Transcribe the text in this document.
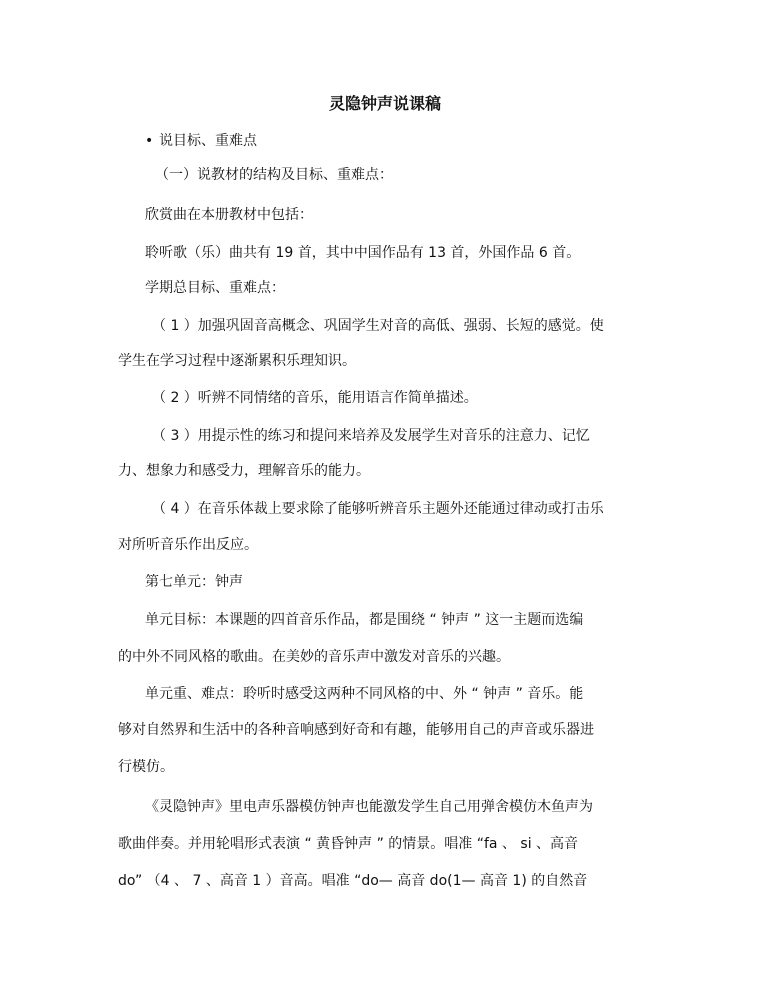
灵隐钟声说课稿
• 说目标、重难点
（一）说教材的结构及目标、重难点：
欣赏曲在本册教材中包括：
聆听歌（乐）曲共有 19 首，其中中国作品有 13 首，外国作品 6 首。
学期总目标、重难点：
（ 1 ）加强巩固音高概念、巩固学生对音的高低、强弱、长短的感觉。使
学生在学习过程中逐渐累积乐理知识。
（ 2 ）听辨不同情绪的音乐，能用语言作简单描述。
（ 3 ）用提示性的练习和提问来培养及发展学生对音乐的注意力、记忆
力、想象力和感受力，理解音乐的能力。
（ 4 ）在音乐体裁上要求除了能够听辨音乐主题外还能通过律动或打击乐
对所听音乐作出反应。
第七单元：钟声
单元目标：本课题的四首音乐作品，都是围绕 “ 钟声 ” 这一主题而选编
的中外不同风格的歌曲。在美妙的音乐声中激发对音乐的兴趣。
单元重、难点：聆听时感受这两种不同风格的中、外 “ 钟声 ” 音乐。能
够对自然界和生活中的各种音响感到好奇和有趣，能够用自己的声音或乐器进
行模仿。
《灵隐钟声》里电声乐器模仿钟声也能激发学生自己用弹舍模仿木鱼声为
歌曲伴奏。并用轮唱形式表演 “ 黄昏钟声 ” 的情景。唱准 “fa 、 si 、高音
do” （4 、 7 、高音 1 ）音高。唱准 “do— 高音 do(1— 高音 1) 的自然音
